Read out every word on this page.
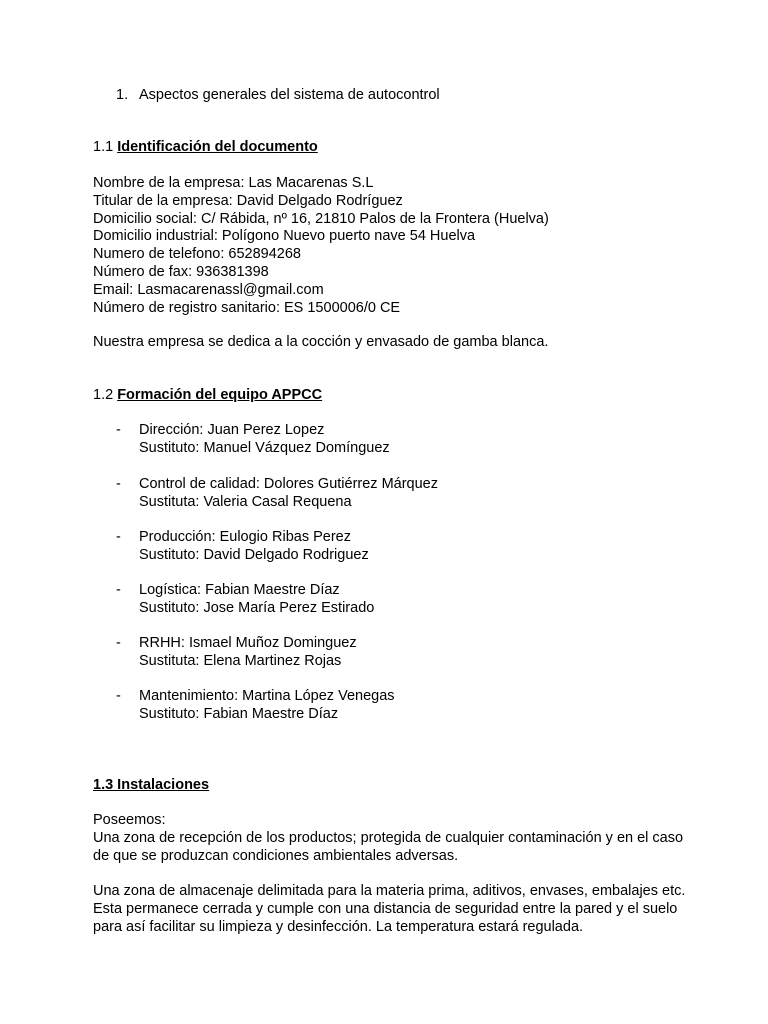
1. Aspectos generales del sistema de autocontrol
1.1 Identificación del documento
Nombre de la empresa: Las Macarenas S.L
Titular de la empresa: David Delgado Rodríguez
Domicilio social: C/ Rábida, nº 16, 21810 Palos de la Frontera (Huelva)
Domicilio industrial: Polígono Nuevo puerto nave 54 Huelva
Numero de telefono: 652894268
Número de fax: 936381398
Email: Lasmacarenassl@gmail.com
Número de registro sanitario: ES 1500006/0 CE
Nuestra empresa se dedica a la cocción y envasado de gamba blanca.
1.2 Formación del equipo APPCC
- Dirección: Juan Perez Lopez
Sustituto: Manuel Vázquez Domínguez
- Control de calidad: Dolores Gutiérrez Márquez
Sustituta: Valeria Casal Requena
- Producción: Eulogio Ribas Perez
Sustituto: David Delgado Rodriguez
- Logística: Fabian Maestre Díaz
Sustituto: Jose María Perez Estirado
- RRHH: Ismael Muñoz Dominguez
Sustituta: Elena Martinez Rojas
- Mantenimiento: Martina López Venegas
Sustituto: Fabian Maestre Díaz
1.3 Instalaciones
Poseemos:
Una zona de recepción de los productos; protegida de cualquier contaminación y en el caso
de que se produzcan condiciones ambientales adversas.
Una zona de almacenaje delimitada para la materia prima, aditivos, envases, embalajes etc.
Esta permanece cerrada y cumple con una distancia de seguridad entre la pared y el suelo
para así facilitar su limpieza y desinfección. La temperatura estará regulada.
